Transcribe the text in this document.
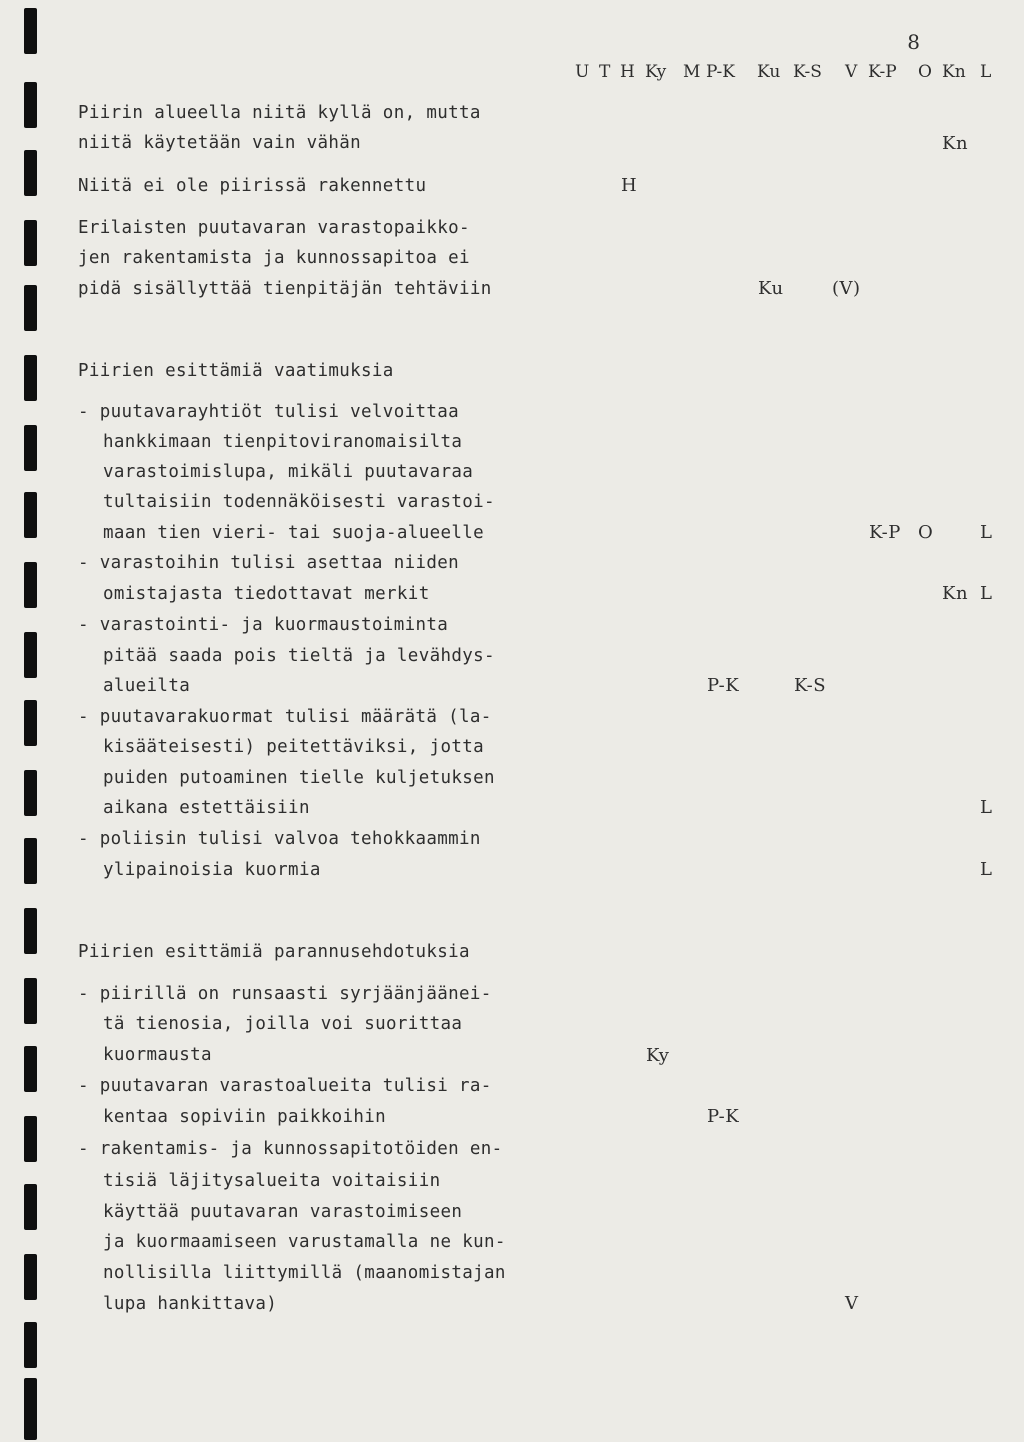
8
U T H Ky M P-K Ku K-S V K-P O Kn L
Piirin alueella niitä kyllä on, mutta
niitä käytetään vain vähän	Kn
Niitä ei ole piirissä rakennettu	H
Erilaisten puutavaran varastopaikko-
jen rakentamista ja kunnossapitoa ei
pidä sisällyttää tienpitäjän tehtäviin	Ku	(V)
Piirien esittämiä vaatimuksia
- puutavarayhtiöt tulisi velvoittaa
hankkimaan tienpitoviranomaisilta
varastoimislupa, mikäli puutavaraa
tultaisiin todennäköisesti varastoi-
maan tien vieri- tai suoja-alueelle	K-P O	L
- varastoihin tulisi asettaa niiden
omistajasta tiedottavat merkit	Kn L
- varastointi- ja kuormaustoiminta
pitää saada pois tieltä ja levähdys-
alueilta	P-K	K-S
- puutavarakuormat tulisi määrätä (la-
kisääteisesti) peitettäviksi, jotta
puiden putoaminen tielle kuljetuksen
aikana estettäisiin	L
- poliisin tulisi valvoa tehokkaammin
ylipainoisia kuormia	L
Piirien esittämiä parannusehdotuksia
- piirillä on runsaasti syrjäänjäänei-
tä tienosia, joilla voi suorittaa
kuormausta	Ky
- puutavaran varastoalueita tulisi ra-
kentaa sopiviin paikkoihin	P-K
- rakentamis- ja kunnossapitotöiden en-
tisiä läjitysalueita voitaisiin
käyttää puutavaran varastoimiseen
ja kuormaamiseen varustamalla ne kun-
nollisilla liittymillä (maanomistajan
lupa hankittava)	V
